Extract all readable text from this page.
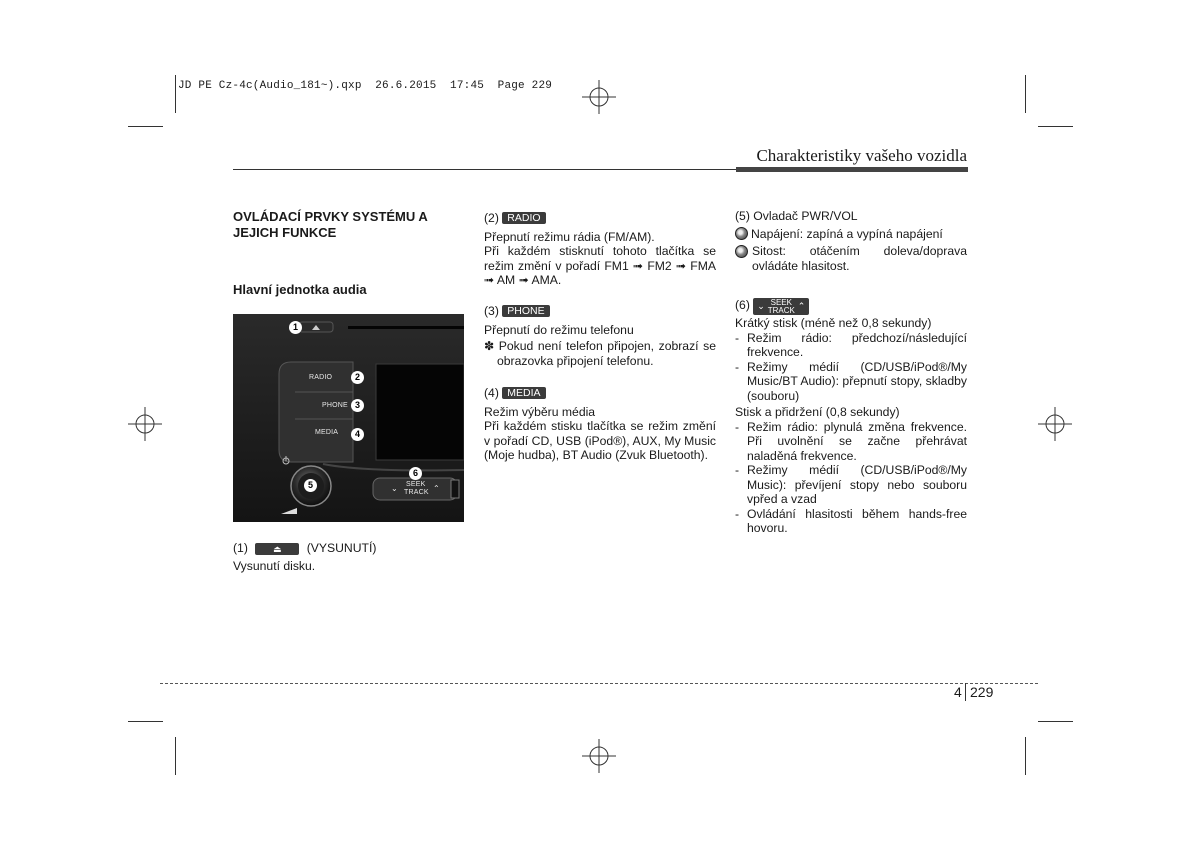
JD PE Cz-4c(Audio_181~).qxp  26.6.2015  17:45  Page 229
Charakteristiky vašeho vozidla
OVLÁDACÍ PRVKY SYSTÉMU A JEJICH FUNKCE
Hlavní jednotka audia
RADIO
PHONE
MEDIA
SEEK
TRACK
⌄	⌃
1
2
3
4
5
6
(1)	⏏ (VYSUNUTÍ)
Vysunutí disku.
(2) RADIO
Přepnutí režimu rádia (FM/AM).
Při každém stisknutí tohoto tlačítka se režim změní v pořadí FM1 ➟ FM2 ➟ FMA ➟ AM ➟ AMA.
(3) PHONE
Přepnutí do režimu telefonu
✽ Pokud není telefon připojen, zobrazí se obrazovka připojení telefonu.
(4) MEDIA
Režim výběru média
Při každém stisku tlačítka se režim změní v pořadí CD, USB (iPod®), AUX, My Music (Moje hudba), BT Audio (Zvuk Bluetooth).
(5) Ovladač PWR/VOL
Napájení: zapíná a vypíná napájení
Sitost: otáčením doleva/doprava ovládáte hlasitost.
(6) ⌄ SEEK
TRACK ⌃
Krátký stisk (méně než 0,8 sekundy)
- Režim rádio: předchozí/následující frekvence.
- Režimy médií (CD/USB/iPod®/My Music/BT Audio): přepnutí stopy, skladby (souboru)
Stisk a přidržení (0,8 sekundy)
- Režim rádio: plynulá změna frekvence. Při uvolnění se začne přehrávat naladěná frekvence.
- Režimy médií (CD/USB/iPod®/My Music): převíjení stopy nebo souboru vpřed a vzad
- Ovládání hlasitosti během hands-free hovoru.
4 229
